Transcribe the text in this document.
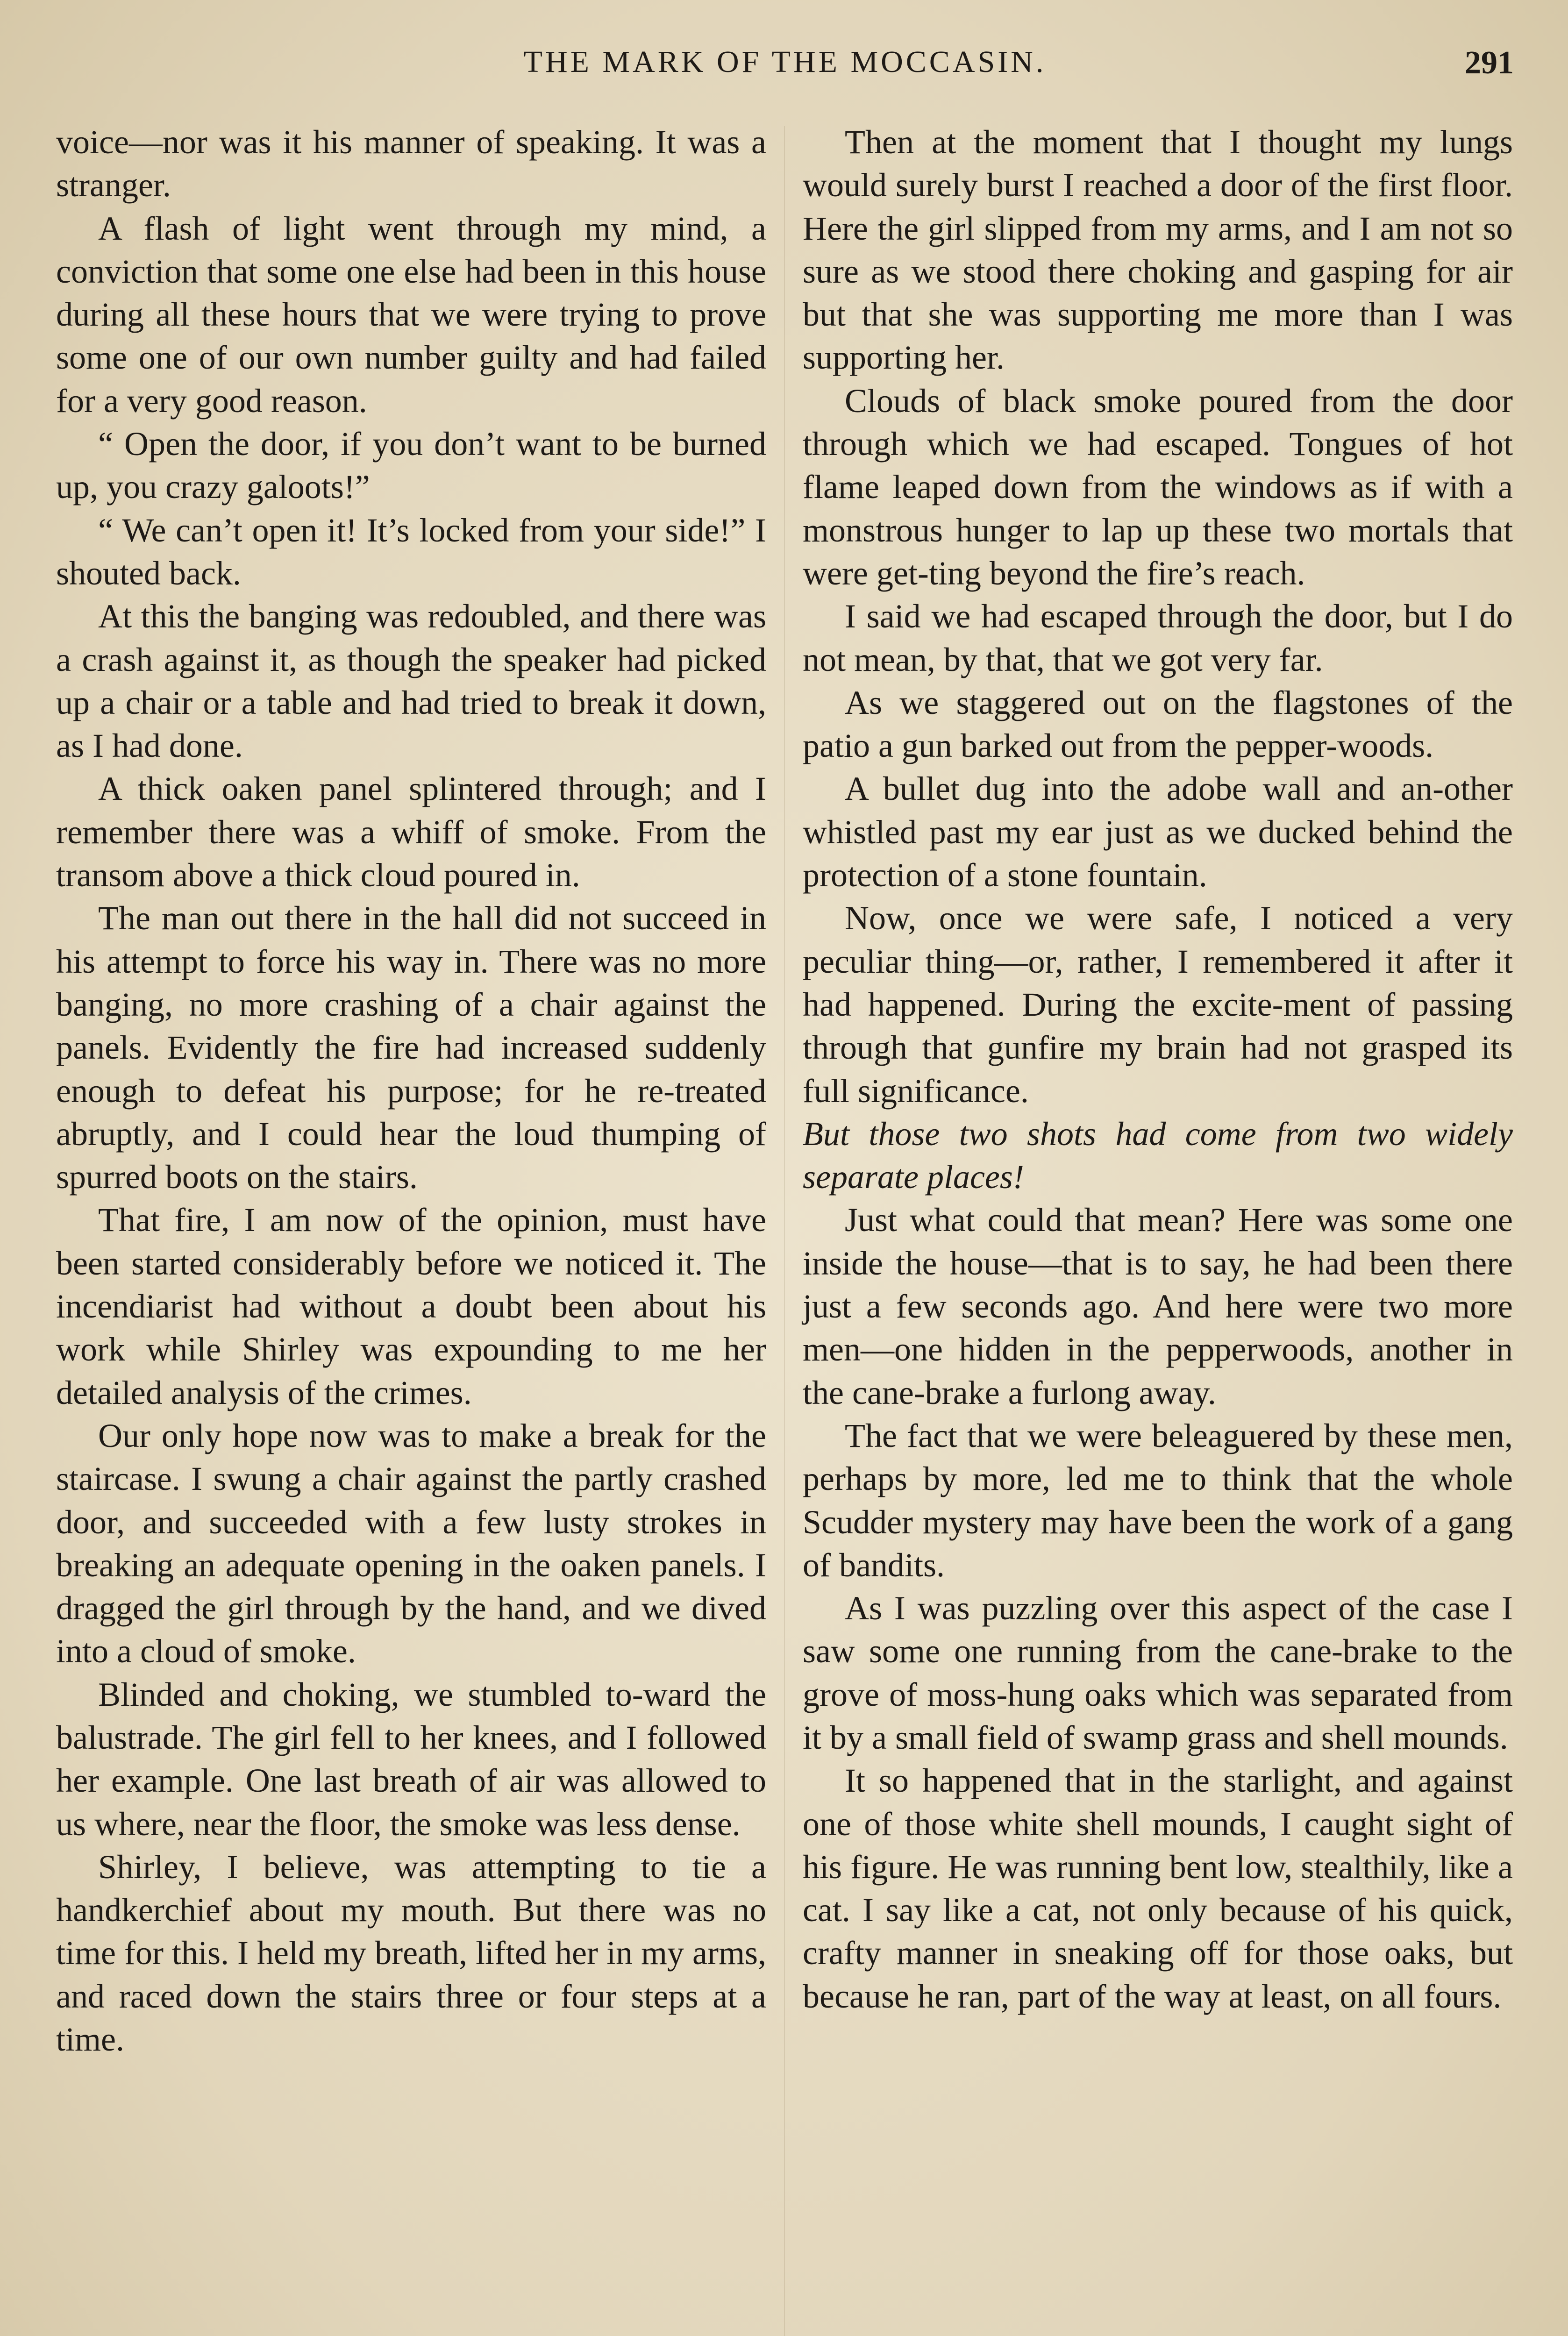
THE MARK OF THE MOCCASIN.	291

voice—nor was it his manner of speaking. It was a stranger.

A flash of light went through my mind, a conviction that some one else had been in this house during all these hours that we were trying to prove some one of our own number guilty and had failed for a very good reason.

“ Open the door, if you don’t want to be burned up, you crazy galoots!”

“ We can’t open it! It’s locked from your side!” I shouted back.

At this the banging was redoubled, and there was a crash against it, as though the speaker had picked up a chair or a table and had tried to break it down, as I had done.

A thick oaken panel splintered through; and I remember there was a whiff of smoke. From the transom above a thick cloud poured in.

The man out there in the hall did not succeed in his attempt to force his way in. There was no more banging, no more crashing of a chair against the panels. Evidently the fire had increased suddenly enough to defeat his purpose; for he re-treated abruptly, and I could hear the loud thumping of spurred boots on the stairs.

That fire, I am now of the opinion, must have been started considerably before we noticed it. The incendiarist had without a doubt been about his work while Shirley was expounding to me her detailed analysis of the crimes.

Our only hope now was to make a break for the staircase. I swung a chair against the partly crashed door, and succeeded with a few lusty strokes in breaking an adequate opening in the oaken panels. I dragged the girl through by the hand, and we dived into a cloud of smoke.

Blinded and choking, we stumbled to-ward the balustrade. The girl fell to her knees, and I followed her example. One last breath of air was allowed to us where, near the floor, the smoke was less dense.

Shirley, I believe, was attempting to tie a handkerchief about my mouth. But there was no time for this. I held my breath, lifted her in my arms, and raced down the stairs three or four steps at a time.

Then at the moment that I thought my lungs would surely burst I reached a door of the first floor. Here the girl slipped from my arms, and I am not so sure as we stood there choking and gasping for air but that she was supporting me more than I was supporting her.

Clouds of black smoke poured from the door through which we had escaped. Tongues of hot flame leaped down from the windows as if with a monstrous hunger to lap up these two mortals that were get-ting beyond the fire’s reach.

I said we had escaped through the door, but I do not mean, by that, that we got very far.

As we staggered out on the flagstones of the patio a gun barked out from the pepper-woods.

A bullet dug into the adobe wall and an-other whistled past my ear just as we ducked behind the protection of a stone fountain.

Now, once we were safe, I noticed a very peculiar thing—or, rather, I remembered it after it had happened. During the excite-ment of passing through that gunfire my brain had not grasped its full significance.

But those two shots had come from two widely separate places!

Just what could that mean? Here was some one inside the house—that is to say, he had been there just a few seconds ago. And here were two more men—one hidden in the pepperwoods, another in the cane-brake a furlong away.

The fact that we were beleaguered by these men, perhaps by more, led me to think that the whole Scudder mystery may have been the work of a gang of bandits.

As I was puzzling over this aspect of the case I saw some one running from the cane-brake to the grove of moss-hung oaks which was separated from it by a small field of swamp grass and shell mounds.

It so happened that in the starlight, and against one of those white shell mounds, I caught sight of his figure. He was running bent low, stealthily, like a cat. I say like a cat, not only because of his quick, crafty manner in sneaking off for those oaks, but because he ran, part of the way at least, on all fours.
